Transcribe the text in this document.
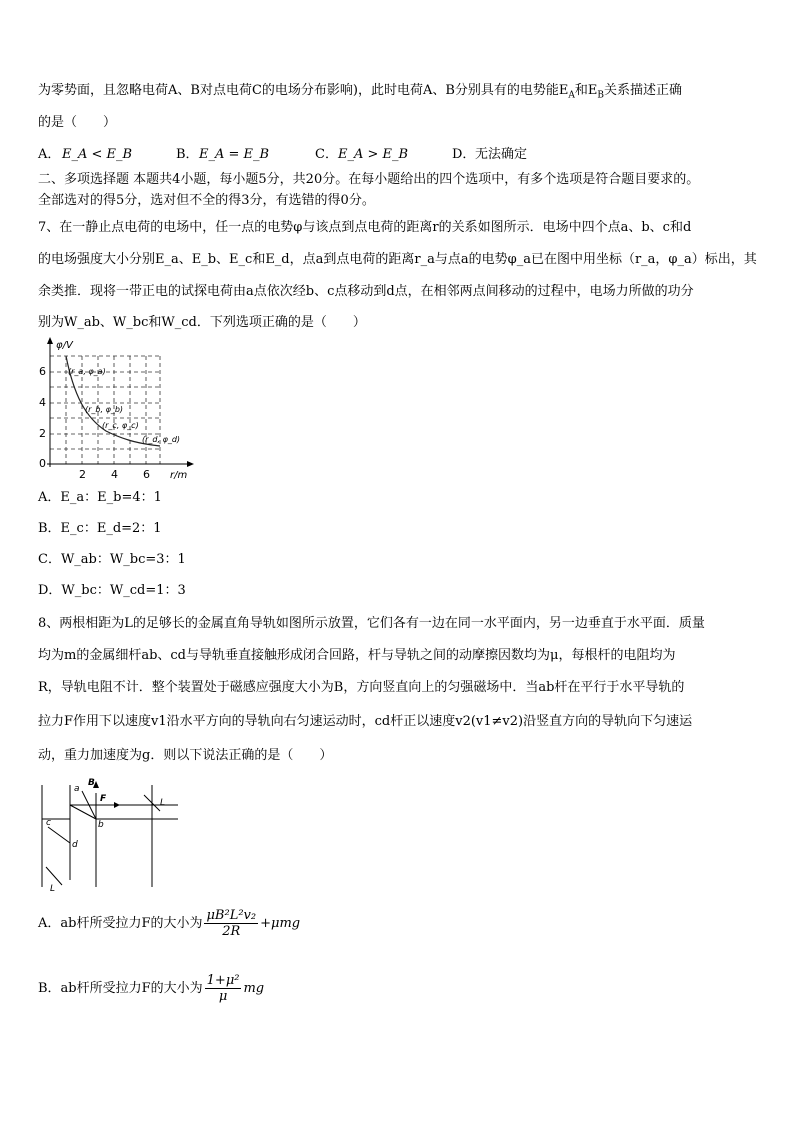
为零势面，且忽略电荷A、B对点电荷C的电场分布影响)，此时电荷A、B分别具有的电势能$E_A$和$E_B$关系描述正确
的是（　　）
A． E_A < E_B	B． E_A = E_B	C． E_A > E_B	D． 无法确定
二、多项选择题 本题共4小题，每小题5分，共20分。在每小题给出的四个选项中，有多个选项是符合题目要求的。
全部选对的得5分，选对但不全的得3分，有选错的得0分。
7、在一静止点电荷的电场中，任一点的电势φ与该点到点电荷的距离r的关系如图所示．电场中四个点a、b、c和d
的电场强度大小分别E_a、E_b、E_c和E_d，点a到点电荷的距离r_a与点a的电势φ_a已在图中用坐标（r_a，φ_a）标出，其
余类推．现将一带正电的试探电荷由a点依次经b、c点移动到d点，在相邻两点间移动的过程中，电场力所做的功分
别为W_ab、W_bc和W_cd．下列选项正确的是（　　）
φ/V
6
4
2
0
2 4 6 r/m
(r_a, φ_a)
(r_b, φ_b)
(r_c, φ_c)
(r_d, φ_d)
A．E_a：E_b=4：1
B．E_c：E_d=2：1
C．W_ab：W_bc=3：1
D．W_bc：W_cd=1：3
8、两根相距为L的足够长的金属直角导轨如图所示放置，它们各有一边在同一水平面内，另一边垂直于水平面．质量
均为m的金属细杆ab、cd与导轨垂直接触形成闭合回路，杆与导轨之间的动摩擦因数均为μ，每根杆的电阻均为
R，导轨电阻不计．整个装置处于磁感应强度大小为B，方向竖直向上的匀强磁场中．当ab杆在平行于水平导轨的
拉力F作用下以速度v1沿水平方向的导轨向右匀速运动时，cd杆正以速度v2(v1≠v2)沿竖直方向的导轨向下匀速运
动，重力加速度为g．则以下说法正确的是（　　）
B
a
F
b
L
c
d
L
A．ab杆所受拉力F的大小为 $\frac{\text{μB²L²v₂}}{2R} +\mu mg$
B．ab杆所受拉力F的大小为 $\frac{\text{1+μ²}}{\mu}$ mg
